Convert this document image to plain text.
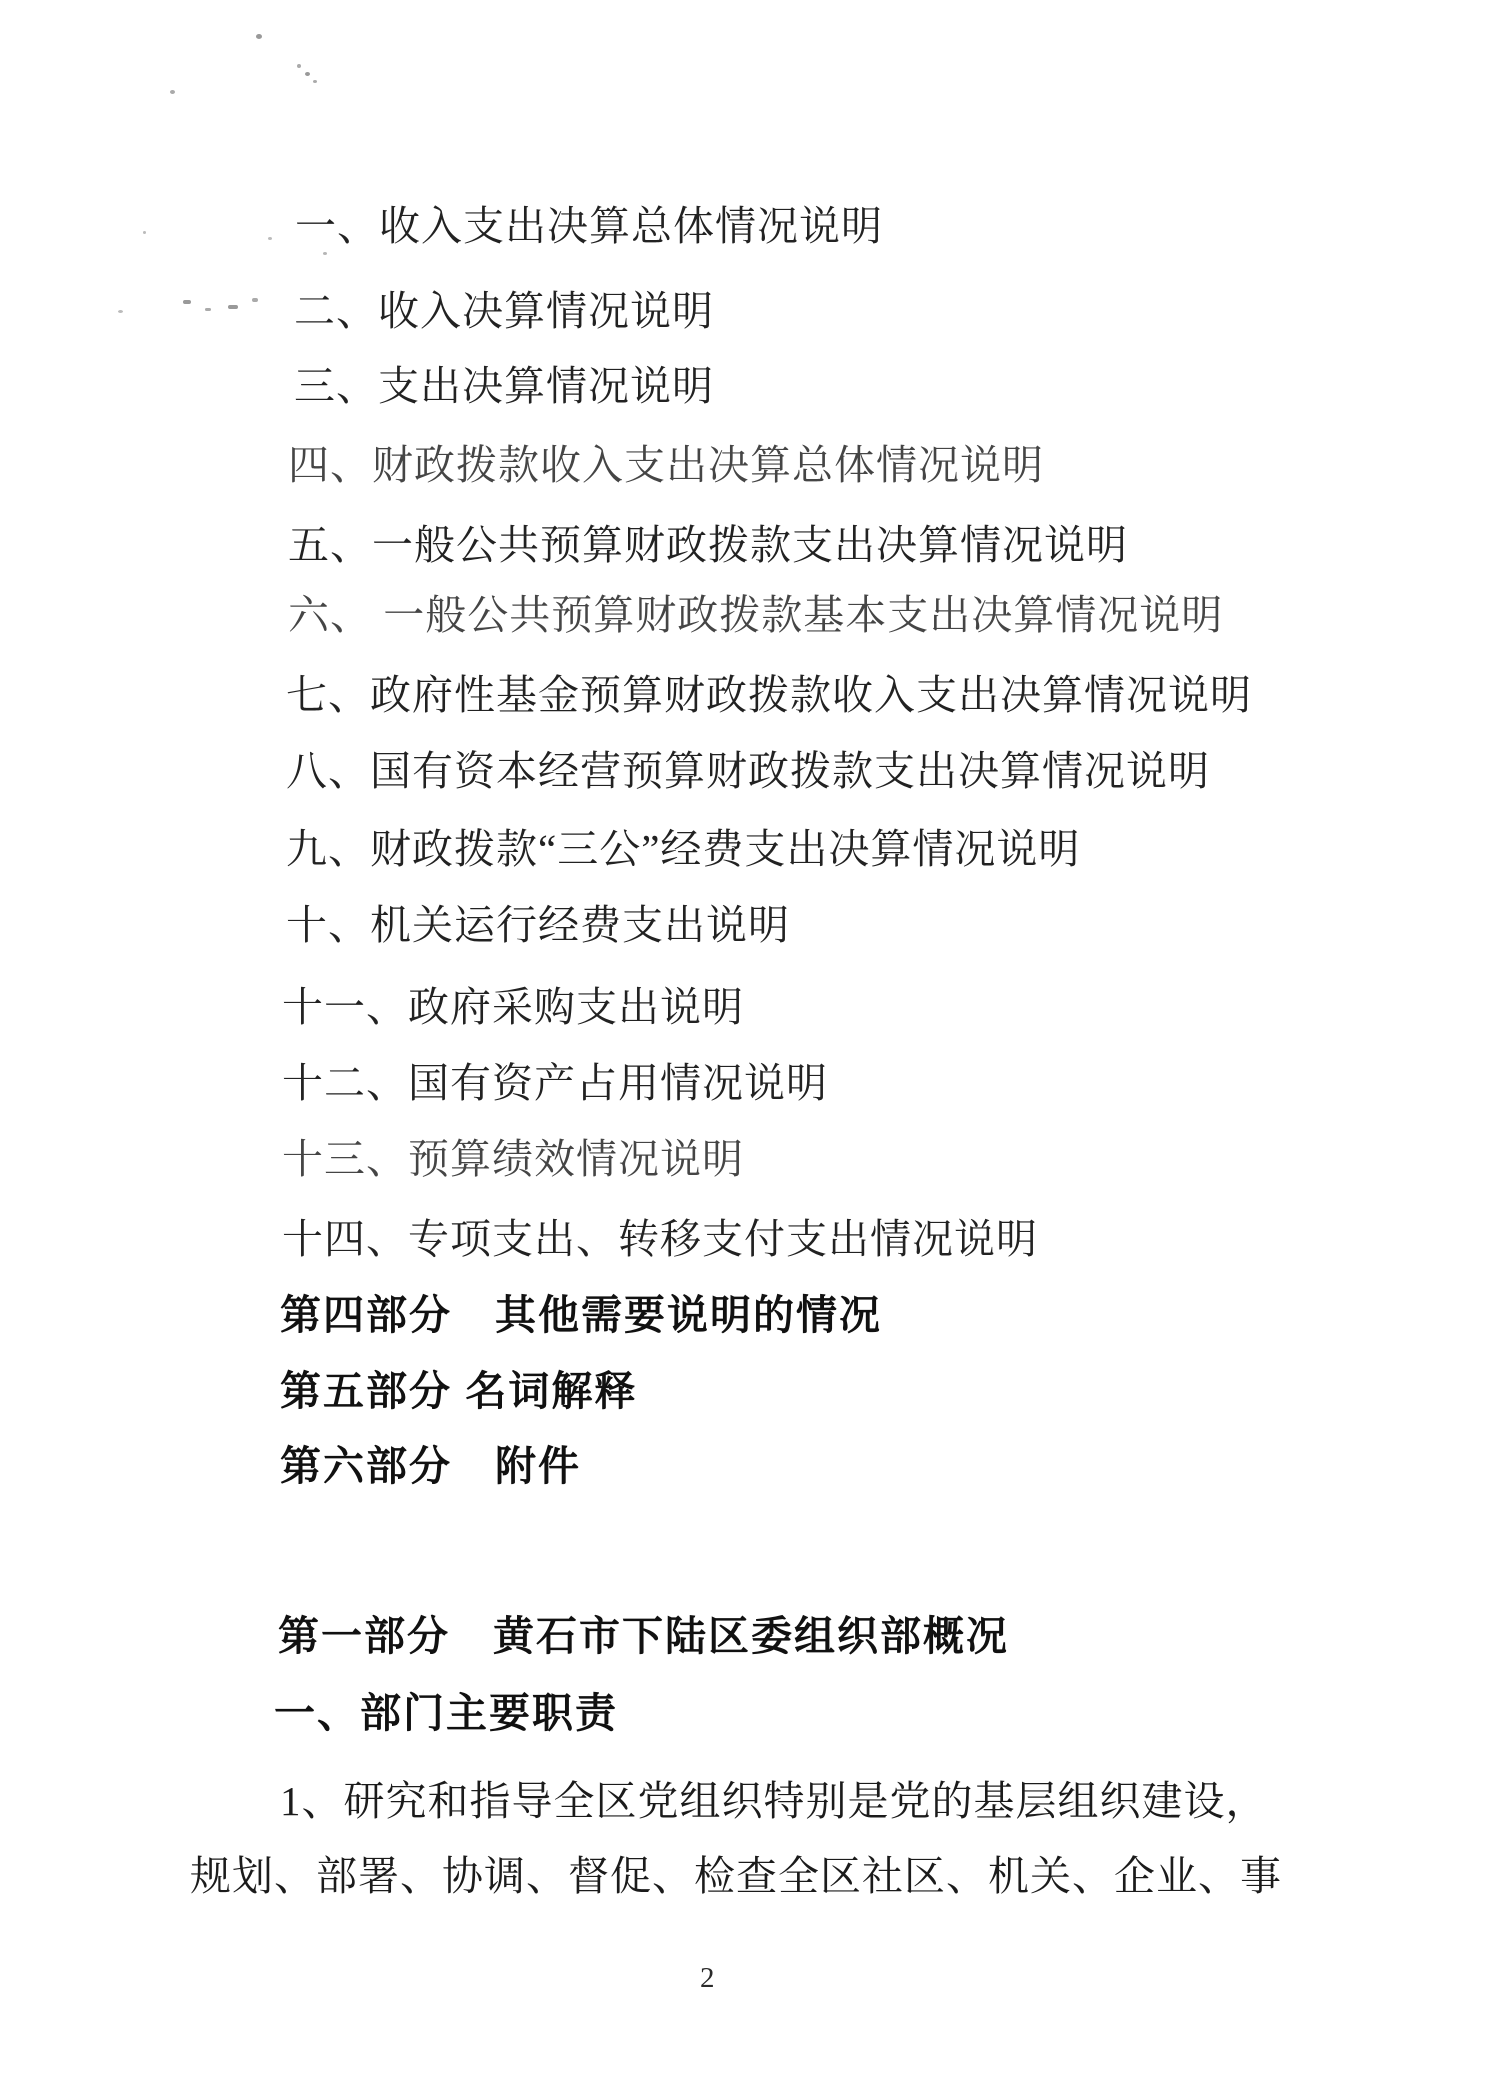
一、收入支出决算总体情况说明
二、收入决算情况说明
三、支出决算情况说明
四、财政拨款收入支出决算总体情况说明
五、一般公共预算财政拨款支出决算情况说明
六、 一般公共预算财政拨款基本支出决算情况说明
七、政府性基金预算财政拨款收入支出决算情况说明
八、国有资本经营预算财政拨款支出决算情况说明
九、财政拨款“三公”经费支出决算情况说明
十、机关运行经费支出说明
十一、政府采购支出说明
十二、国有资产占用情况说明
十三、预算绩效情况说明
十四、专项支出、转移支付支出情况说明
第四部分　其他需要说明的情况
第五部分 名词解释
第六部分　附件
第一部分　黄石市下陆区委组织部概况
一、部门主要职责
1、研究和指导全区党组织特别是党的基层组织建设，
规划、部署、协调、督促、检查全区社区、机关、企业、事
2
